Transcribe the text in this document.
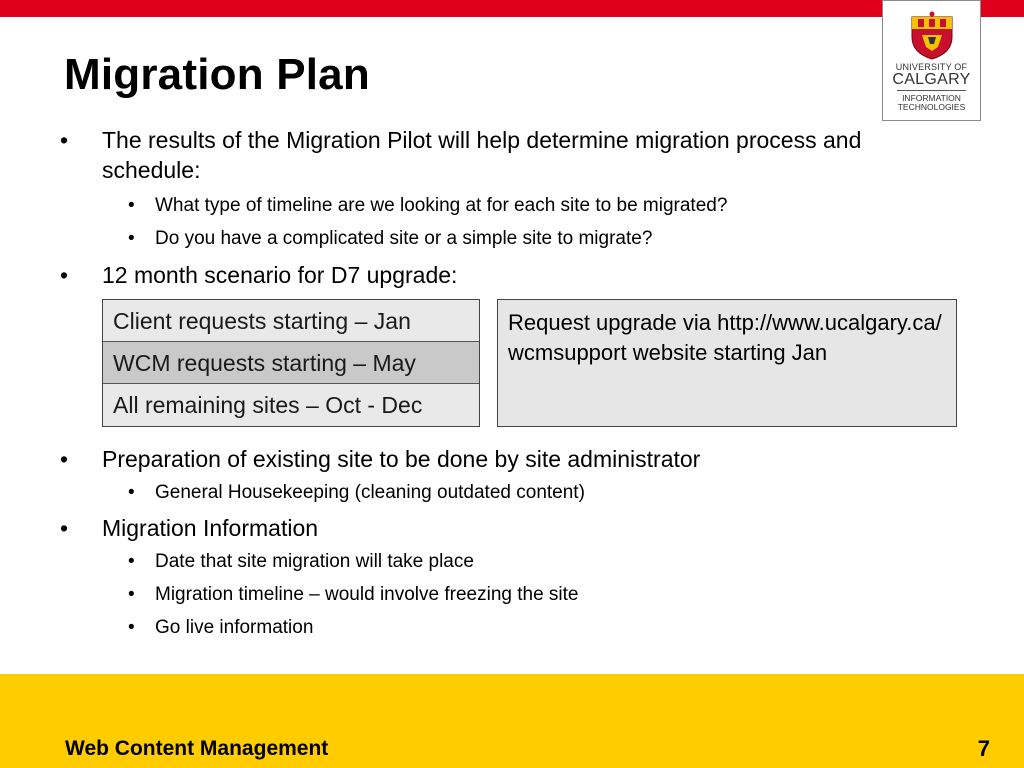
UNIVERSITY OF
CALGARY
INFORMATION
TECHNOLOGIES
Migration Plan
• The results of the Migration Pilot will help determine migration process and schedule:
• What type of timeline are we looking at for each site to be migrated?
• Do you have a complicated site or a simple site to migrate?
• 12 month scenario for D7 upgrade:
Client requests starting – Jan
WCM requests starting – May
All remaining sites – Oct - Dec
Request upgrade via http://www.ucalgary.ca/ wcmsupport website starting Jan
• Preparation of existing site to be done by site administrator
• General Housekeeping (cleaning outdated content)
• Migration Information
• Date that site migration will take place
• Migration timeline – would involve freezing the site
• Go live information
Web Content Management	7
